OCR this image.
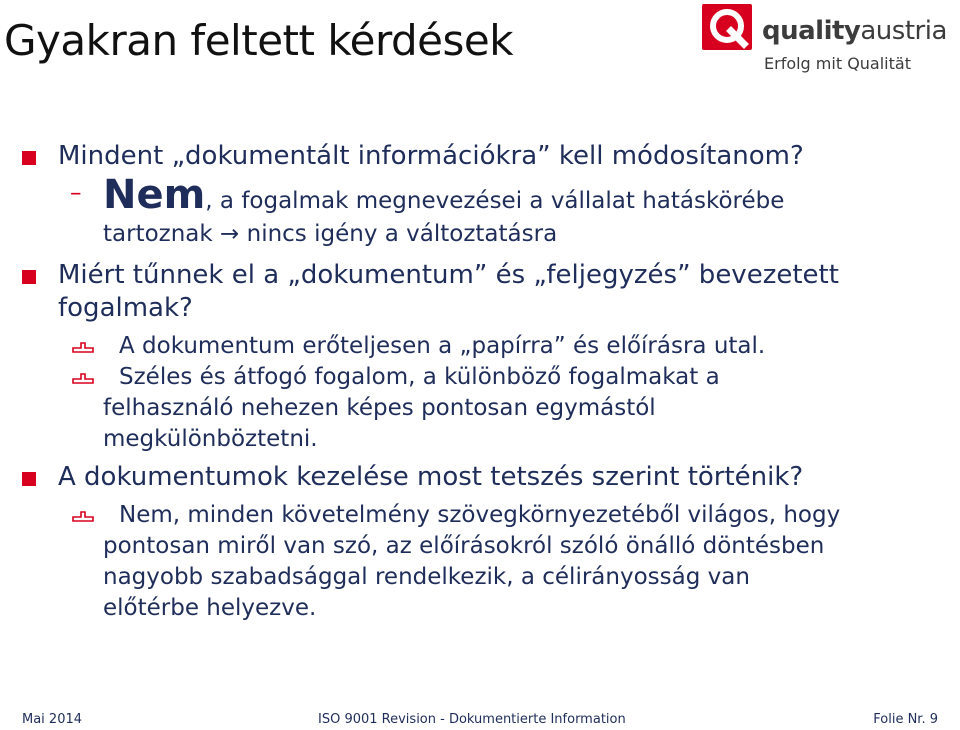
Gyakran feltett kérdések	qualityaustria
Erfolg mit Qualität

Mindent „dokumentált információkra” kell módosítanom?

– Nem, a fogalmak megnevezései a vállalat hatáskörébe
tartoznak → nincs igény a változtatásra

Miért tűnnek el a „dokumentum” és „feljegyzés” bevezetett
fogalmak?

A dokumentum erőteljesen a „papírra” és előírásra utal.

Széles és átfogó fogalom, a különböző fogalmakat a
felhasználó nehezen képes pontosan egymástól
megkülönböztetni.

A dokumentumok kezelése most tetszés szerint történik?

Nem, minden követelmény szövegkörnyezetéből világos, hogy
pontosan miről van szó, az előírásokról szóló önálló döntésben
nagyobb szabadsággal rendelkezik, a célirányosság van
előtérbe helyezve.

Mai 2014	ISO 9001 Revision - Dokumentierte Information	Folie Nr. 9
